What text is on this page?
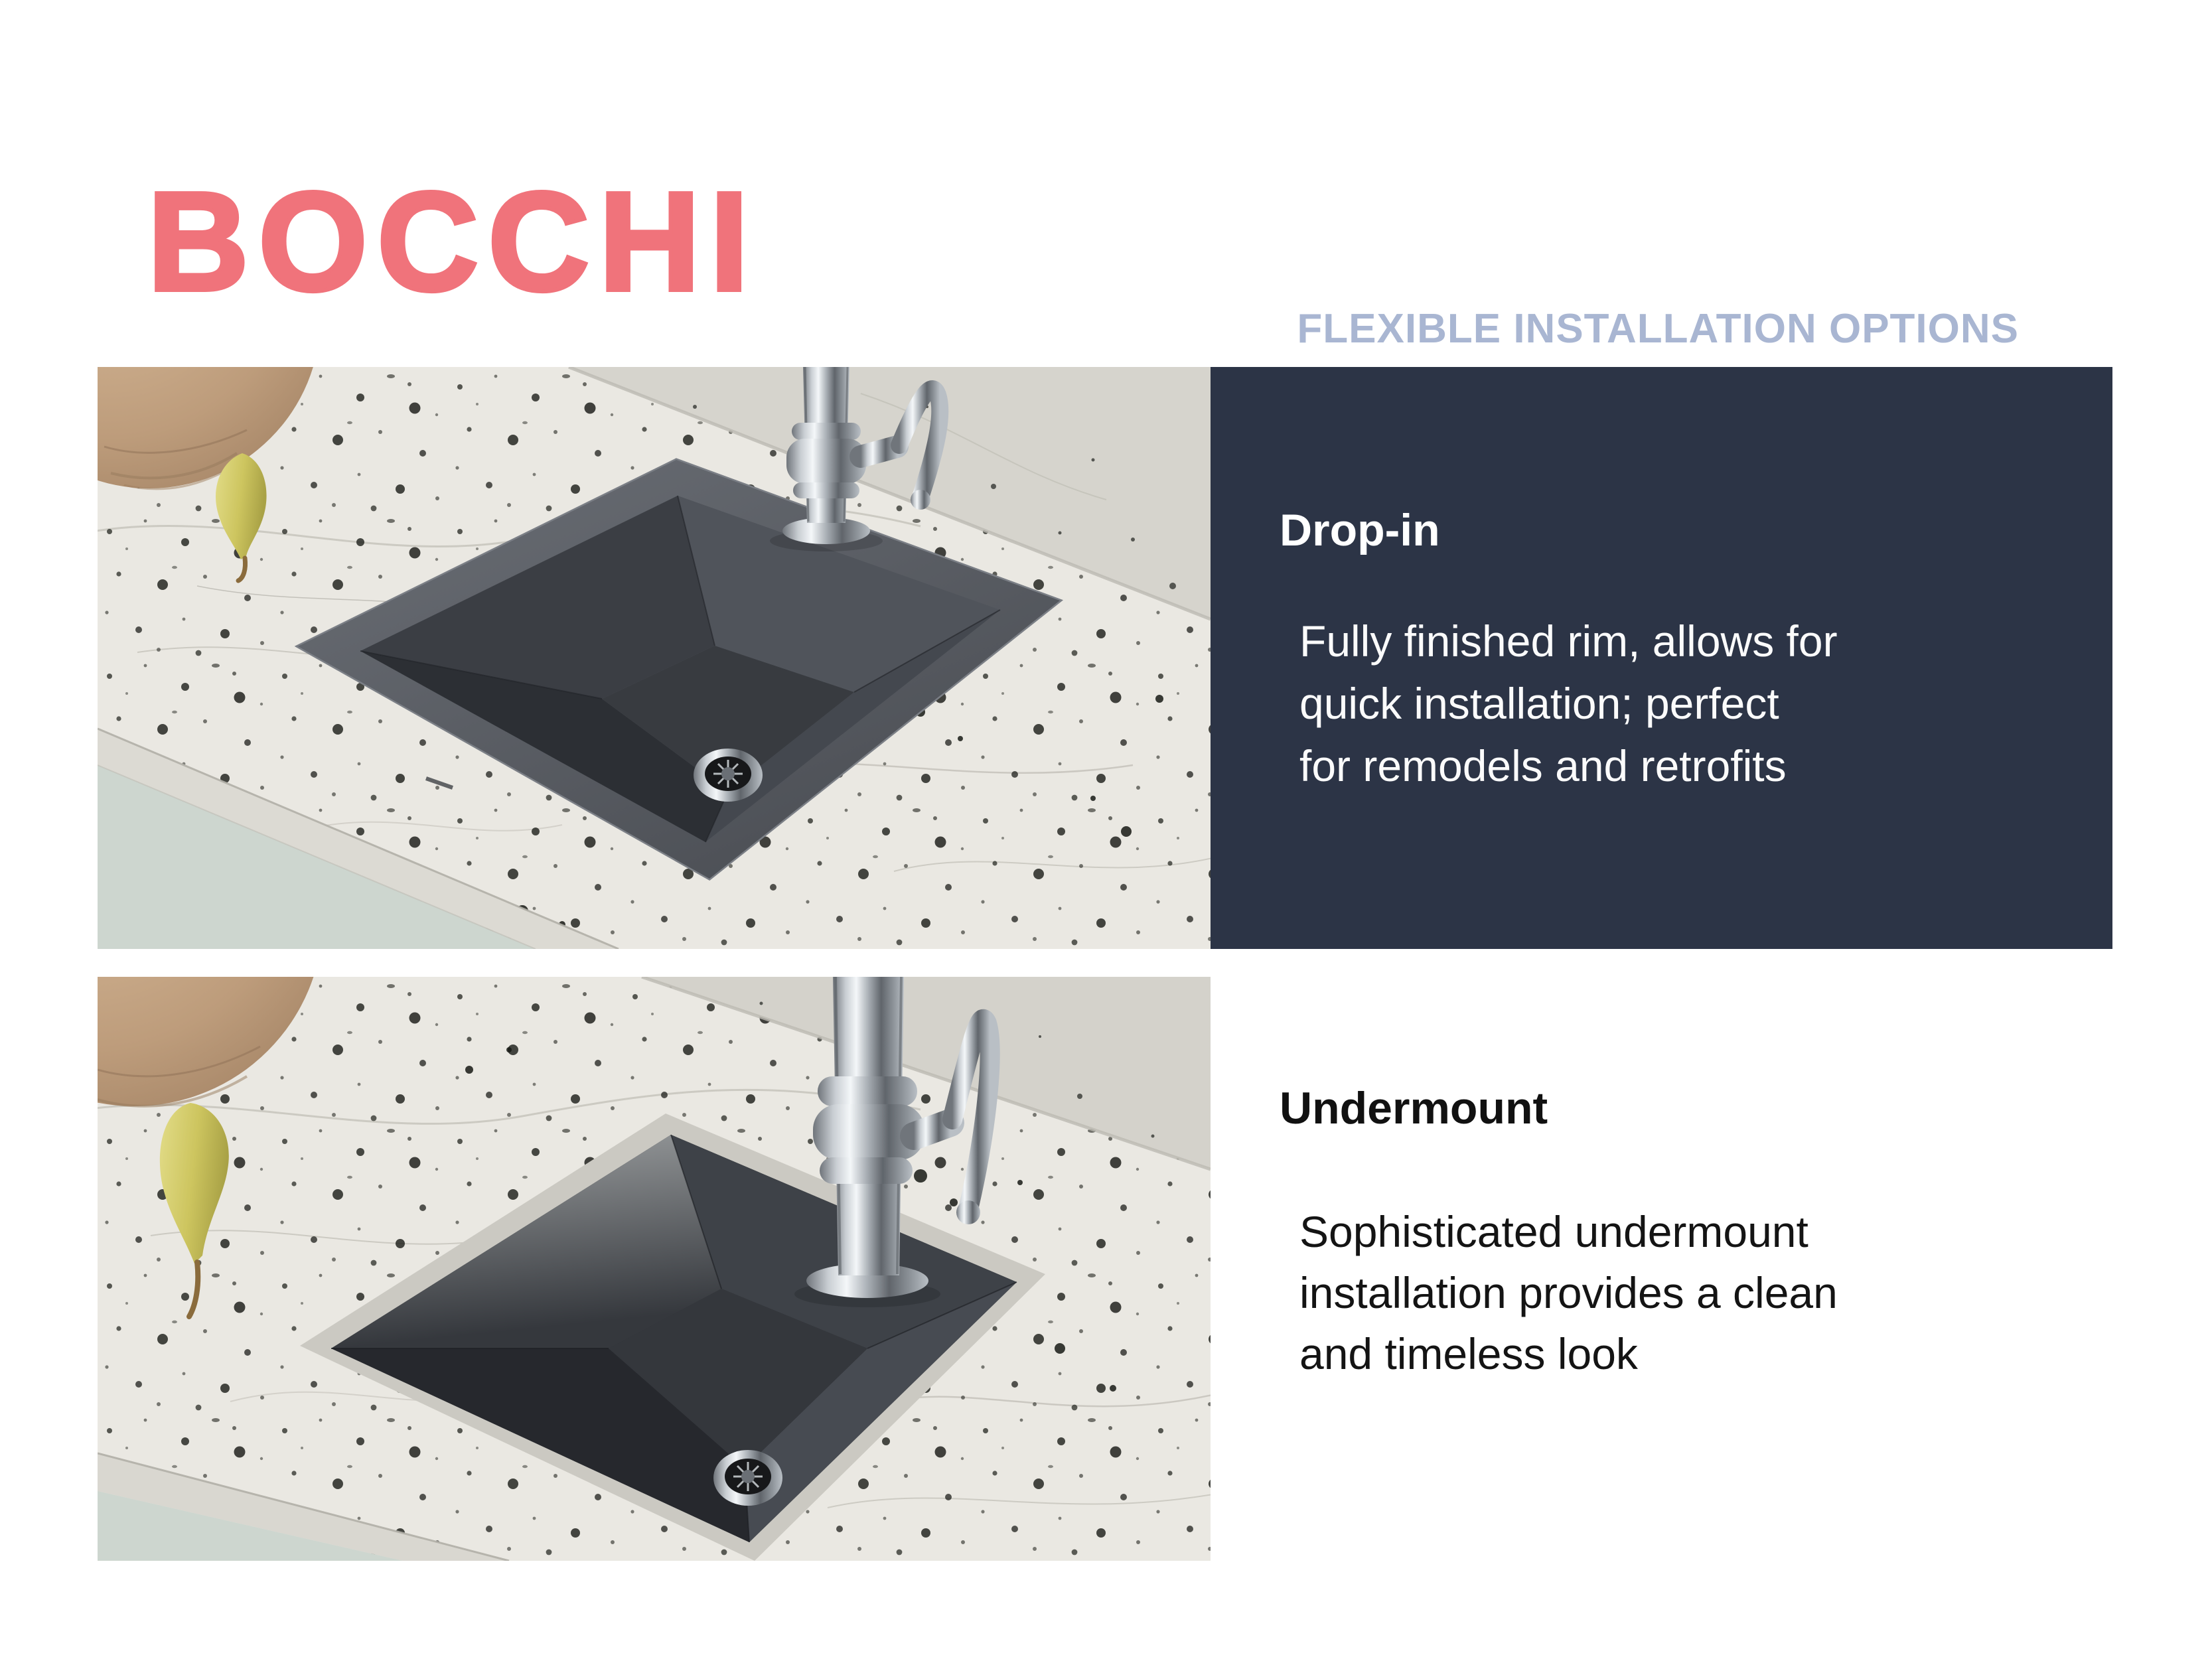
BOCCHI
FLEXIBLE INSTALLATION OPTIONS
Drop-in
Fully finished rim, allows for
quick installation; perfect
for remodels and retrofits
Undermount
Sophisticated undermount
installation provides a clean
and timeless look
